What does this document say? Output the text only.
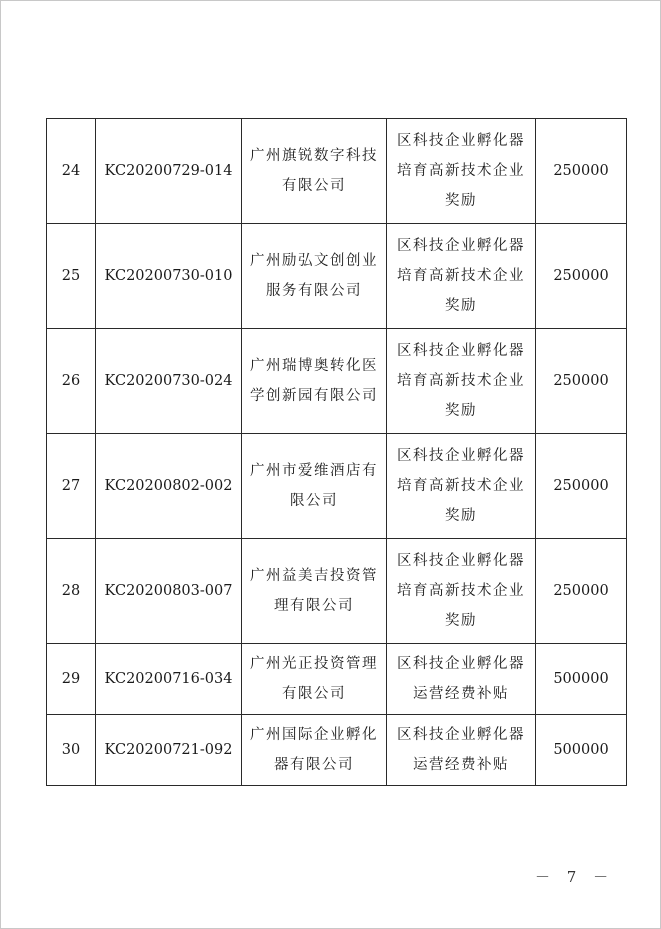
24	KC20200729-014	广州旗锐数字科技
有限公司	区科技企业孵化器
培育高新技术企业
奖励	250000

25	KC20200730-010	广州励弘文创创业
服务有限公司	区科技企业孵化器
培育高新技术企业
奖励	250000

26	KC20200730-024	广州瑞博奥转化医
学创新园有限公司	区科技企业孵化器
培育高新技术企业
奖励	250000

27	KC20200802-002	广州市爱维酒店有
限公司	区科技企业孵化器
培育高新技术企业
奖励	250000

28	KC20200803-007	广州益美吉投资管
理有限公司	区科技企业孵化器
培育高新技术企业
奖励	250000

29	KC20200716-034	广州光正投资管理
有限公司	区科技企业孵化器
运营经费补贴	500000

30	KC20200721-092	广州国际企业孵化
器有限公司	区科技企业孵化器
运营经费补贴	500000
－ 7 －
